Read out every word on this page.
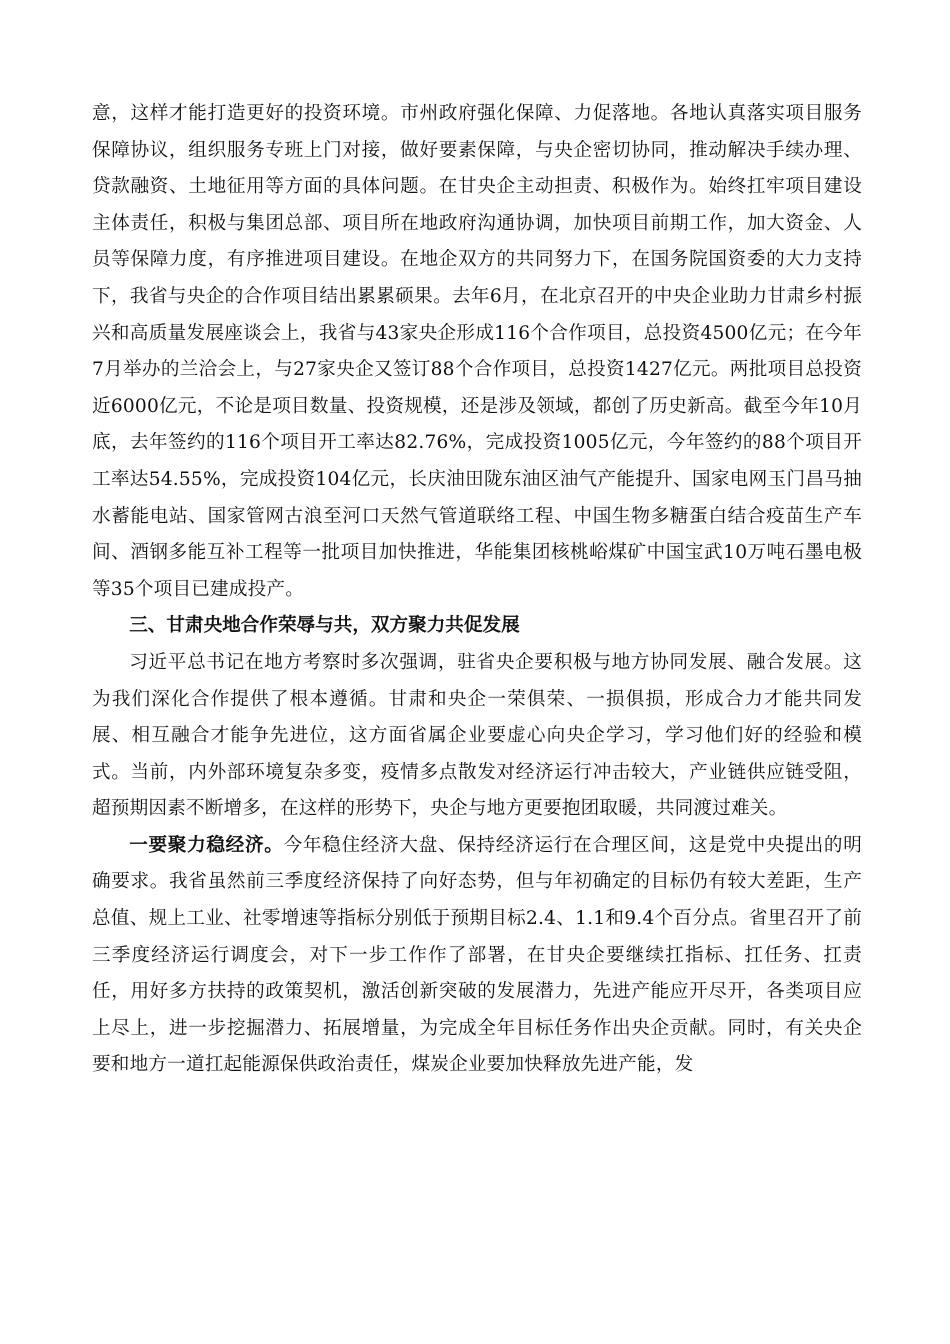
意，这样才能打造更好的投资环境。市州政府强化保障、力促落地。各地认真落实项目服务保障协议，组织服务专班上门对接，做好要素保障，与央企密切协同，推动解决手续办理、贷款融资、土地征用等方面的具体问题。在甘央企主动担责、积极作为。始终扛牢项目建设主体责任，积极与集团总部、项目所在地政府沟通协调，加快项目前期工作，加大资金、人员等保障力度，有序推进项目建设。在地企双方的共同努力下，在国务院国资委的大力支持下，我省与央企的合作项目结出累累硕果。去年6月，在北京召开的中央企业助力甘肃乡村振兴和高质量发展座谈会上，我省与43家央企形成116个合作项目，总投资4500亿元；在今年7月举办的兰洽会上，与27家央企又签订88个合作项目，总投资1427亿元。两批项目总投资近6000亿元，不论是项目数量、投资规模，还是涉及领域，都创了历史新高。截至今年10月底，去年签约的116个项目开工率达82.76%，完成投资1005亿元，今年签约的88个项目开工率达54.55%，完成投资104亿元，长庆油田陇东油区油气产能提升、国家电网玉门昌马抽水蓄能电站、国家管网古浪至河口天然气管道联络工程、中国生物多糖蛋白结合疫苗生产车间、酒钢多能互补工程等一批项目加快推进，华能集团核桃峪煤矿中国宝武10万吨石墨电极等35个项目已建成投产。

三、甘肃央地合作荣辱与共，双方聚力共促发展

习近平总书记在地方考察时多次强调，驻省央企要积极与地方协同发展、融合发展。这为我们深化合作提供了根本遵循。甘肃和央企一荣俱荣、一损俱损，形成合力才能共同发展、相互融合才能争先进位，这方面省属企业要虚心向央企学习，学习他们好的经验和模式。当前，内外部环境复杂多变，疫情多点散发对经济运行冲击较大，产业链供应链受阻，超预期因素不断增多，在这样的形势下，央企与地方更要抱团取暖，共同渡过难关。

一要聚力稳经济。今年稳住经济大盘、保持经济运行在合理区间，这是党中央提出的明确要求。我省虽然前三季度经济保持了向好态势，但与年初确定的目标仍有较大差距，生产总值、规上工业、社零增速等指标分别低于预期目标2.4、1.1和9.4个百分点。省里召开了前三季度经济运行调度会，对下一步工作作了部署，在甘央企要继续扛指标、扛任务、扛责任，用好多方扶持的政策契机，激活创新突破的发展潜力，先进产能应开尽开，各类项目应上尽上，进一步挖掘潜力、拓展增量，为完成全年目标任务作出央企贡献。同时，有关央企要和地方一道扛起能源保供政治责任，煤炭企业要加快释放先进产能，发
